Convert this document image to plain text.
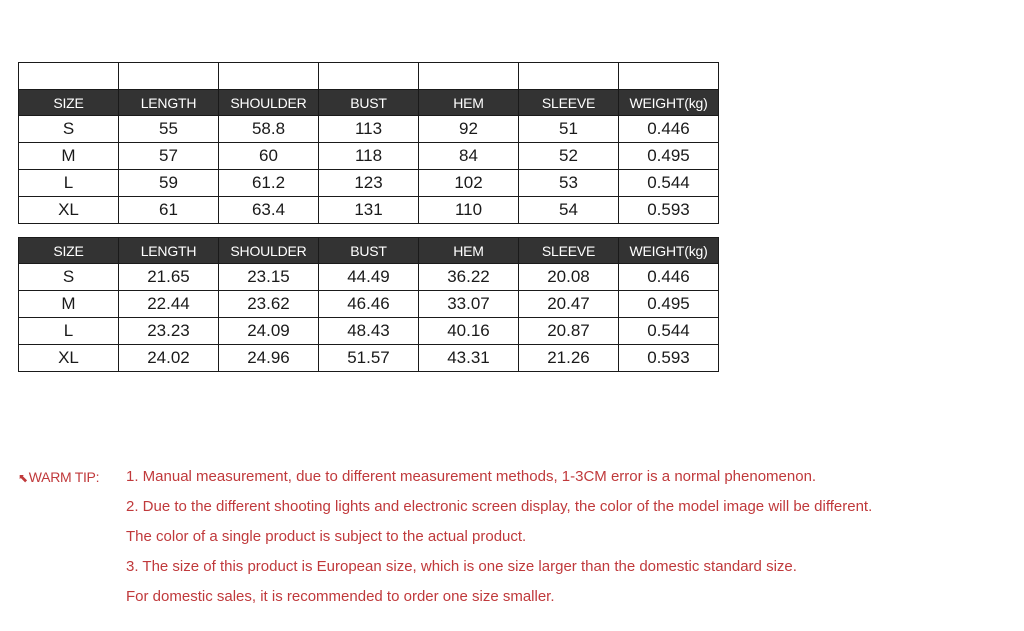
SIZE	LENGTH	SHOULDER	BUST	HEM	SLEEVE	WEIGHT(kg)
S	55	58.8	113	92	51	0.446
M	57	60	118	84	52	0.495
L	59	61.2	123	102	53	0.544
XL	61	63.4	131	110	54	0.593
SIZE	LENGTH	SHOULDER	BUST	HEM	SLEEVE	WEIGHT(kg)
S	21.65	23.15	44.49	36.22	20.08	0.446
M	22.44	23.62	46.46	33.07	20.47	0.495
L	23.23	24.09	48.43	40.16	20.87	0.544
XL	24.02	24.96	51.57	43.31	21.26	0.593
⬉WARM TIP: 1. Manual measurement, due to different measurement methods, 1-3CM error is a normal phenomenon.
2. Due to the different shooting lights and electronic screen display, the color of the model image will be different.
The color of a single product is subject to the actual product.
3. The size of this product is European size, which is one size larger than the domestic standard size.
For domestic sales, it is recommended to order one size smaller.
